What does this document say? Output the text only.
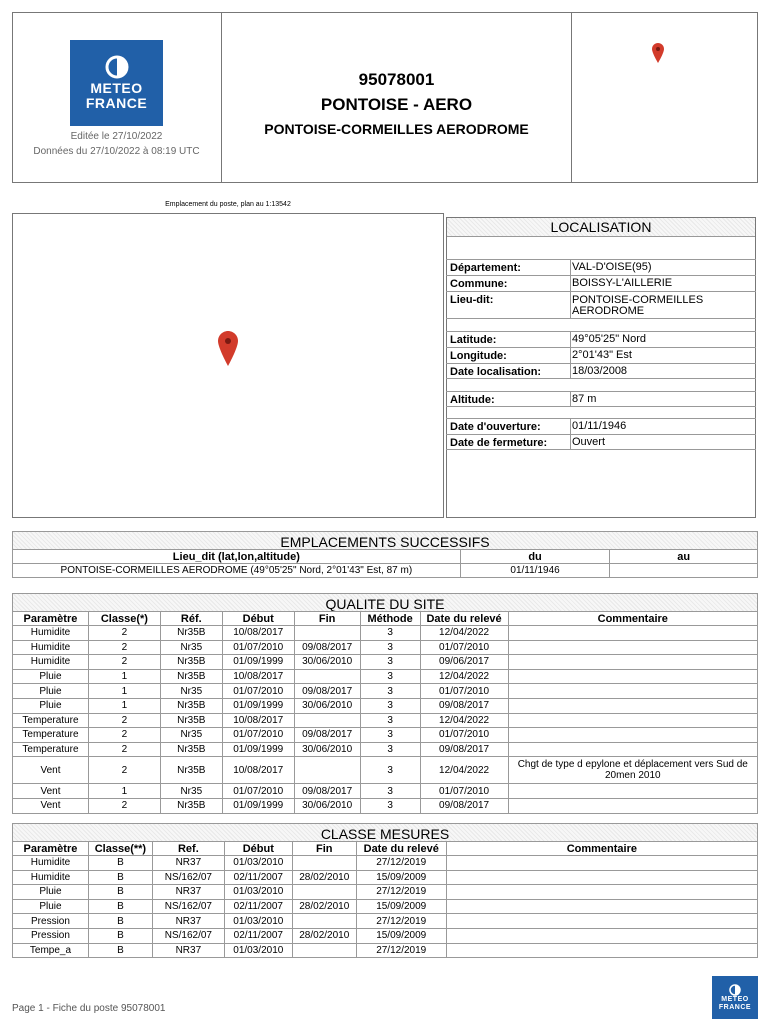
METEO
FRANCE
Editée le 27/10/2022
Données du 27/10/2022 à 08:19 UTC
95078001
PONTOISE - AERO
PONTOISE-CORMEILLES AERODROME
Emplacement du poste, plan au 1:13542
LOCALISATION
Département:	VAL-D'OISE(95)
Commune:	BOISSY-L'AILLERIE
Lieu-dit:	PONTOISE-CORMEILLES
AERODROME
Latitude:	49°05'25" Nord
Longitude:	2°01'43" Est
Date localisation:	18/03/2008
Altitude:	87 m
Date d'ouverture:	01/11/1946
Date de fermeture: Ouvert
EMPLACEMENTS SUCCESSIFS
Lieu_dit (lat,lon,altitude)	du	au
PONTOISE-CORMEILLES AERODROME (49°05'25" Nord, 2°01'43" Est, 87 m)	01/11/1946	
QUALITE DU SITE
Paramètre	Classe(*)	Réf.	Début	Fin	Méthode	Date du relevé	Commentaire
Humidite	2	Nr35B	10/08/2017		3	12/04/2022	
Humidite	2	Nr35	01/07/2010	09/08/2017	3	01/07/2010	
Humidite	2	Nr35B	01/09/1999	30/06/2010	3	09/06/2017	
Pluie	1	Nr35B	10/08/2017		3	12/04/2022	
Pluie	1	Nr35	01/07/2010	09/08/2017	3	01/07/2010	
Pluie	1	Nr35B	01/09/1999	30/06/2010	3	09/08/2017	
Temperature	2	Nr35B	10/08/2017		3	12/04/2022	
Temperature	2	Nr35	01/07/2010	09/08/2017	3	01/07/2010	
Temperature	2	Nr35B	01/09/1999	30/06/2010	3	09/08/2017	
Vent	2	Nr35B	10/08/2017		3	12/04/2022	Chgt de type d epylone et déplacement vers Sud de 20men 2010
Vent	1	Nr35	01/07/2010	09/08/2017	3	01/07/2010	
Vent	2	Nr35B	01/09/1999	30/06/2010	3	09/08/2017	
CLASSE MESURES
Paramètre	Classe(**)	Ref.	Début	Fin	Date du relevé	Commentaire
Humidite	B	NR37	01/03/2010		27/12/2019	
Humidite	B	NS/162/07	02/11/2007	28/02/2010	15/09/2009	
Pluie	B	NR37	01/03/2010		27/12/2019	
Pluie	B	NS/162/07	02/11/2007	28/02/2010	15/09/2009	
Pression	B	NR37	01/03/2010		27/12/2019	
Pression	B	NS/162/07	02/11/2007	28/02/2010	15/09/2009	
Tempe_a	B	NR37	01/03/2010		27/12/2019	
Page 1 - Fiche du poste 95078001
METEO
FRANCE
